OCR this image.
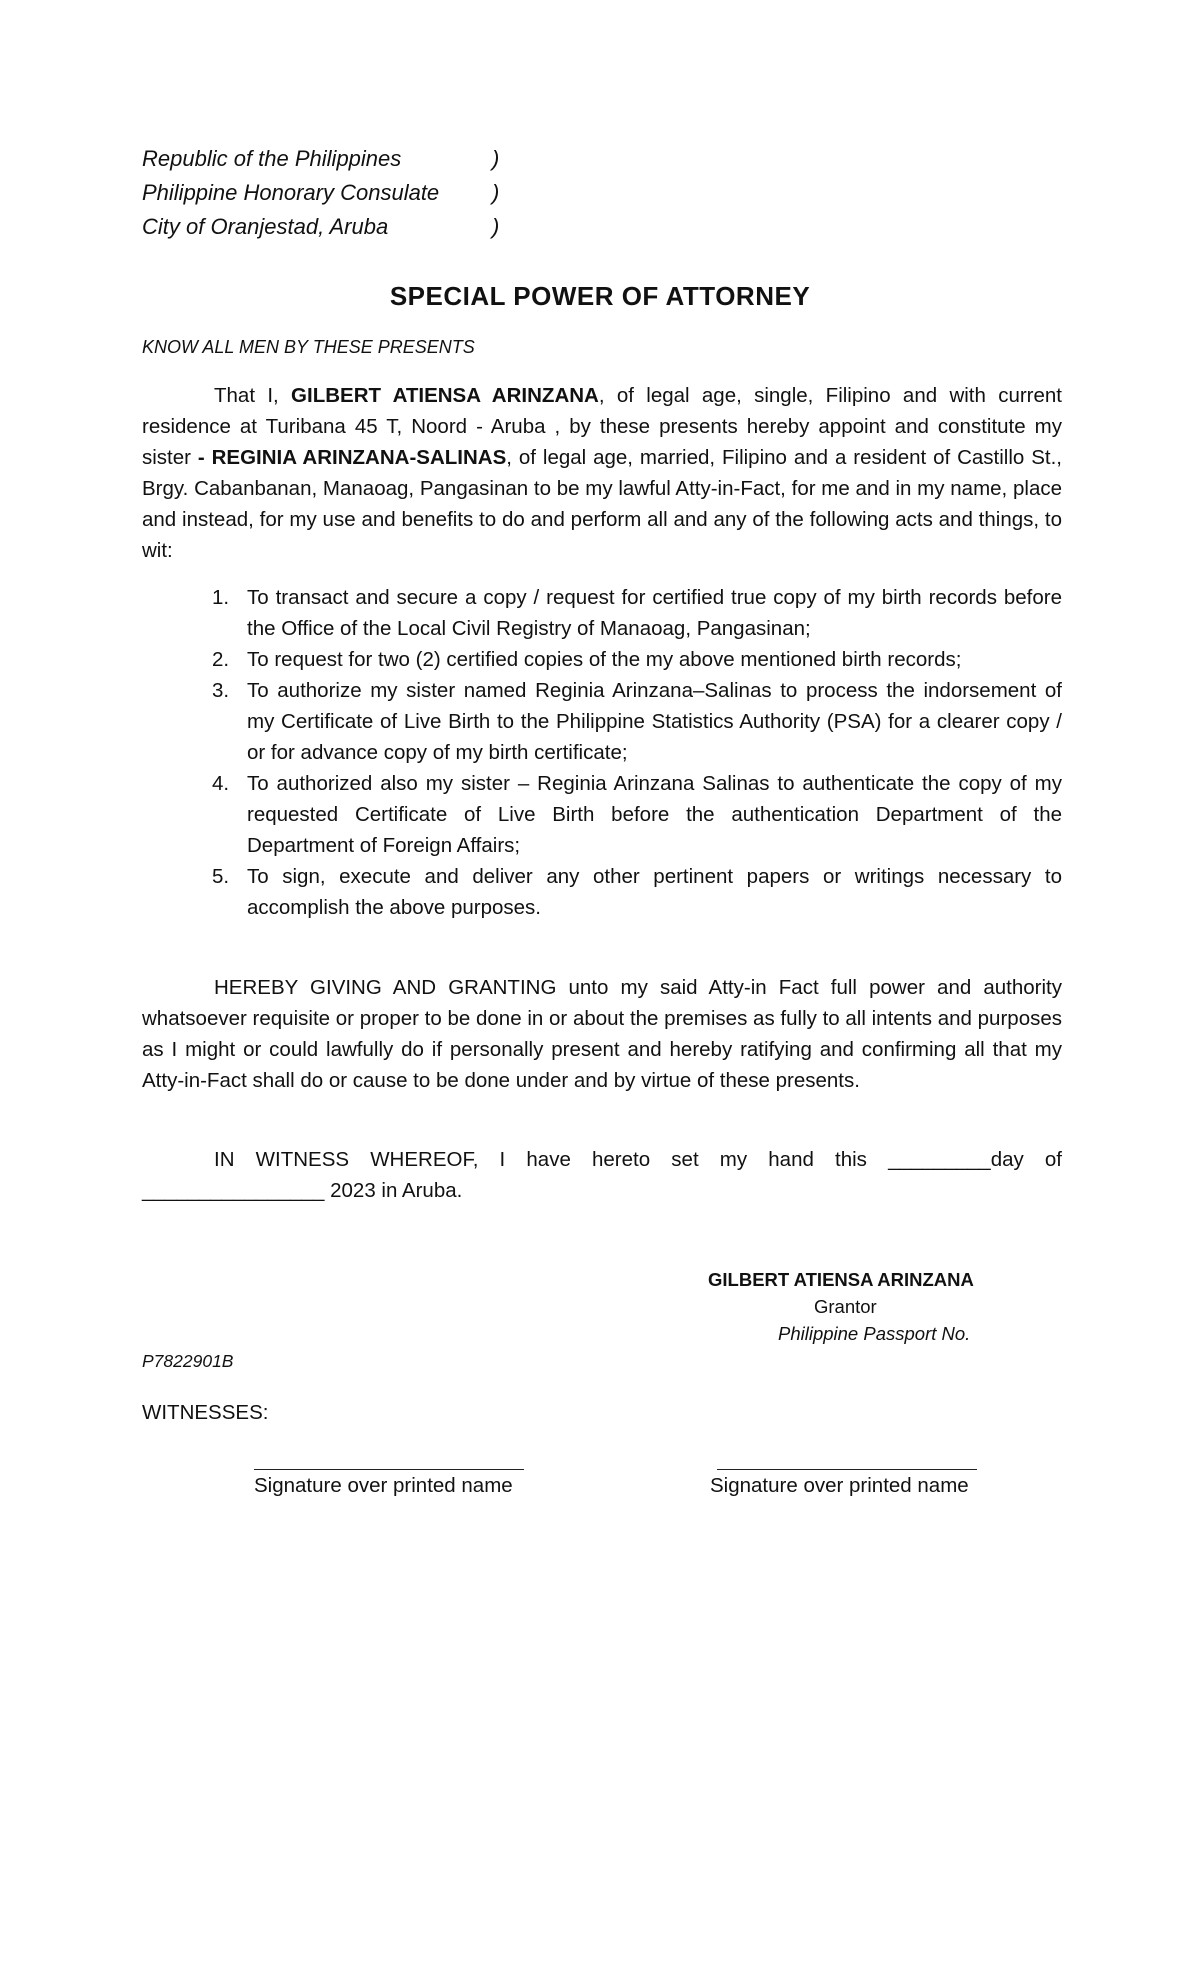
Republic of the Philippines	)
Philippine Honorary Consulate )
City of Oranjestad, Aruba	)
SPECIAL POWER OF ATTORNEY
KNOW ALL MEN BY THESE PRESENTS
That I, GILBERT ATIENSA ARINZANA, of legal age, single, Filipino and with current residence at Turibana 45 T, Noord - Aruba , by these presents hereby appoint and constitute my sister - REGINIA ARINZANA-SALINAS, of legal age, married, Filipino and a resident of Castillo St., Brgy. Cabanbanan, Manaoag, Pangasinan to be my lawful Atty-in-Fact, for me and in my name, place and instead, for my use and benefits to do and perform all and any of the following acts and things, to wit:
1. To transact and secure a copy / request for certified true copy of my birth records before the Office of the Local Civil Registry of Manaoag, Pangasinan;
2. To request for two (2) certified copies of the my above mentioned birth records;
3. To authorize my sister named Reginia Arinzana–Salinas to process the indorsement of my Certificate of Live Birth to the Philippine Statistics Authority (PSA) for a clearer copy / or for advance copy of my birth certificate;
4. To authorized also my sister – Reginia Arinzana Salinas to authenticate the copy of my requested Certificate of Live Birth before the authentication Department of the Department of Foreign Affairs;
5. To sign, execute and deliver any other pertinent papers or writings necessary to accomplish the above purposes.
HEREBY GIVING AND GRANTING unto my said Atty-in Fact full power and authority whatsoever requisite or proper to be done in or about the premises as fully to all intents and purposes as I might or could lawfully do if personally present and hereby ratifying and confirming all that my Atty-in-Fact shall do or cause to be done under and by virtue of these presents.
IN WITNESS WHEREOF, I have hereto set my hand this _________day of ________________ 2023 in Aruba.
GILBERT ATIENSA ARINZANA
Grantor
Philippine Passport No.
P7822901B
WITNESSES:
Signature over printed name	Signature over printed name
